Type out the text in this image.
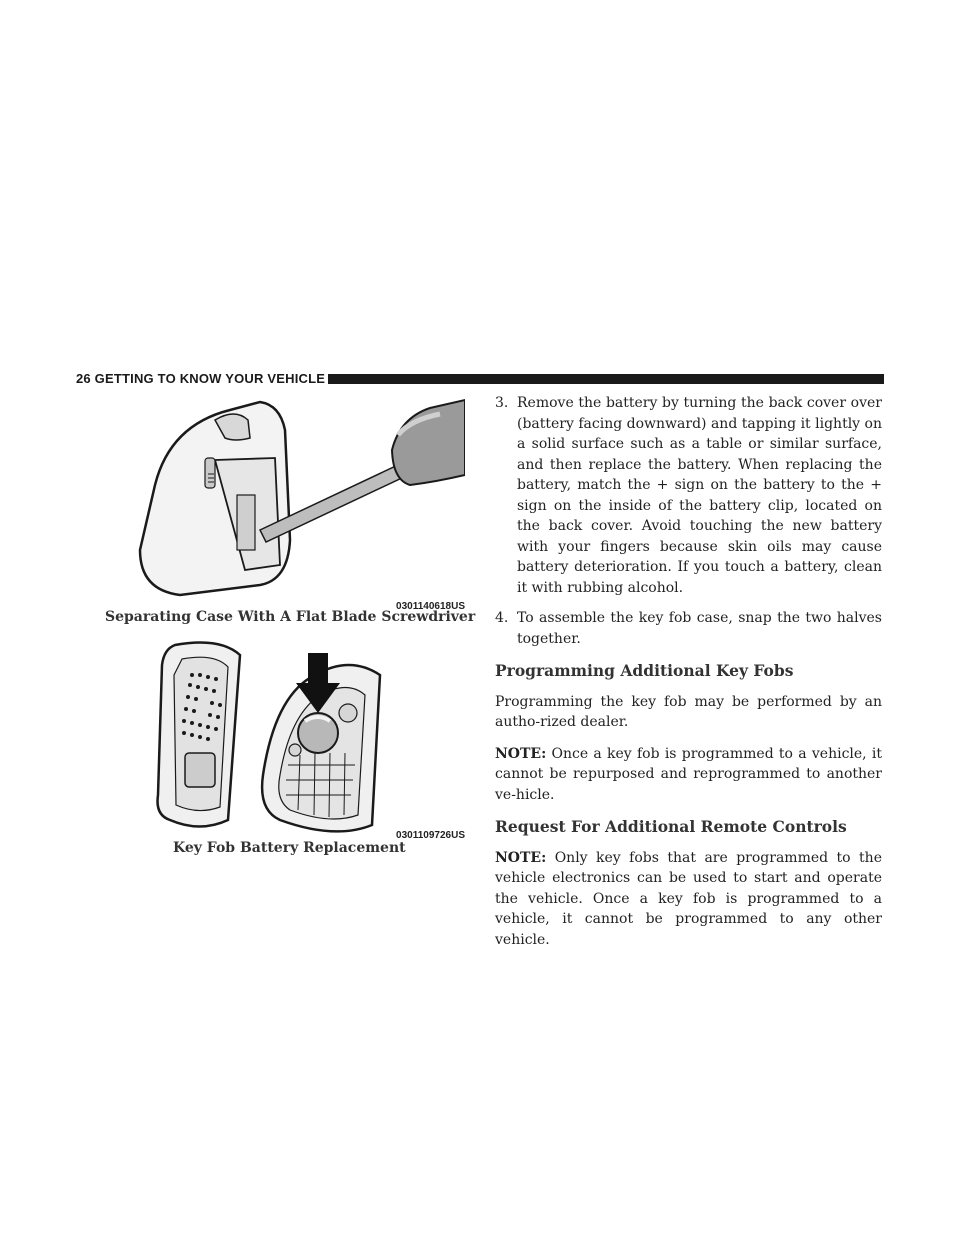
26 GETTING TO KNOW YOUR VEHICLE
0301140618US
Separating Case With A Flat Blade Screwdriver
0301109726US
Key Fob Battery Replacement
3. Remove the battery by turning the back cover over (battery facing downward) and tapping it lightly on a solid surface such as a table or similar surface, and then replace the battery. When replacing the battery, match the + sign on the battery to the + sign on the inside of the battery clip, located on the back cover. Avoid touching the new battery with your fingers because skin oils may cause battery deterioration. If you touch a battery, clean it with rubbing alcohol.
4. To assemble the key fob case, snap the two halves together.
Programming Additional Key Fobs

Programming the key fob may be performed by an autho-rized dealer.

NOTE: Once a key fob is programmed to a vehicle, it cannot be repurposed and reprogrammed to another ve-hicle.

Request For Additional Remote Controls

NOTE: Only key fobs that are programmed to the vehicle electronics can be used to start and operate the vehicle. Once a key fob is programmed to a vehicle, it cannot be programmed to any other vehicle.
